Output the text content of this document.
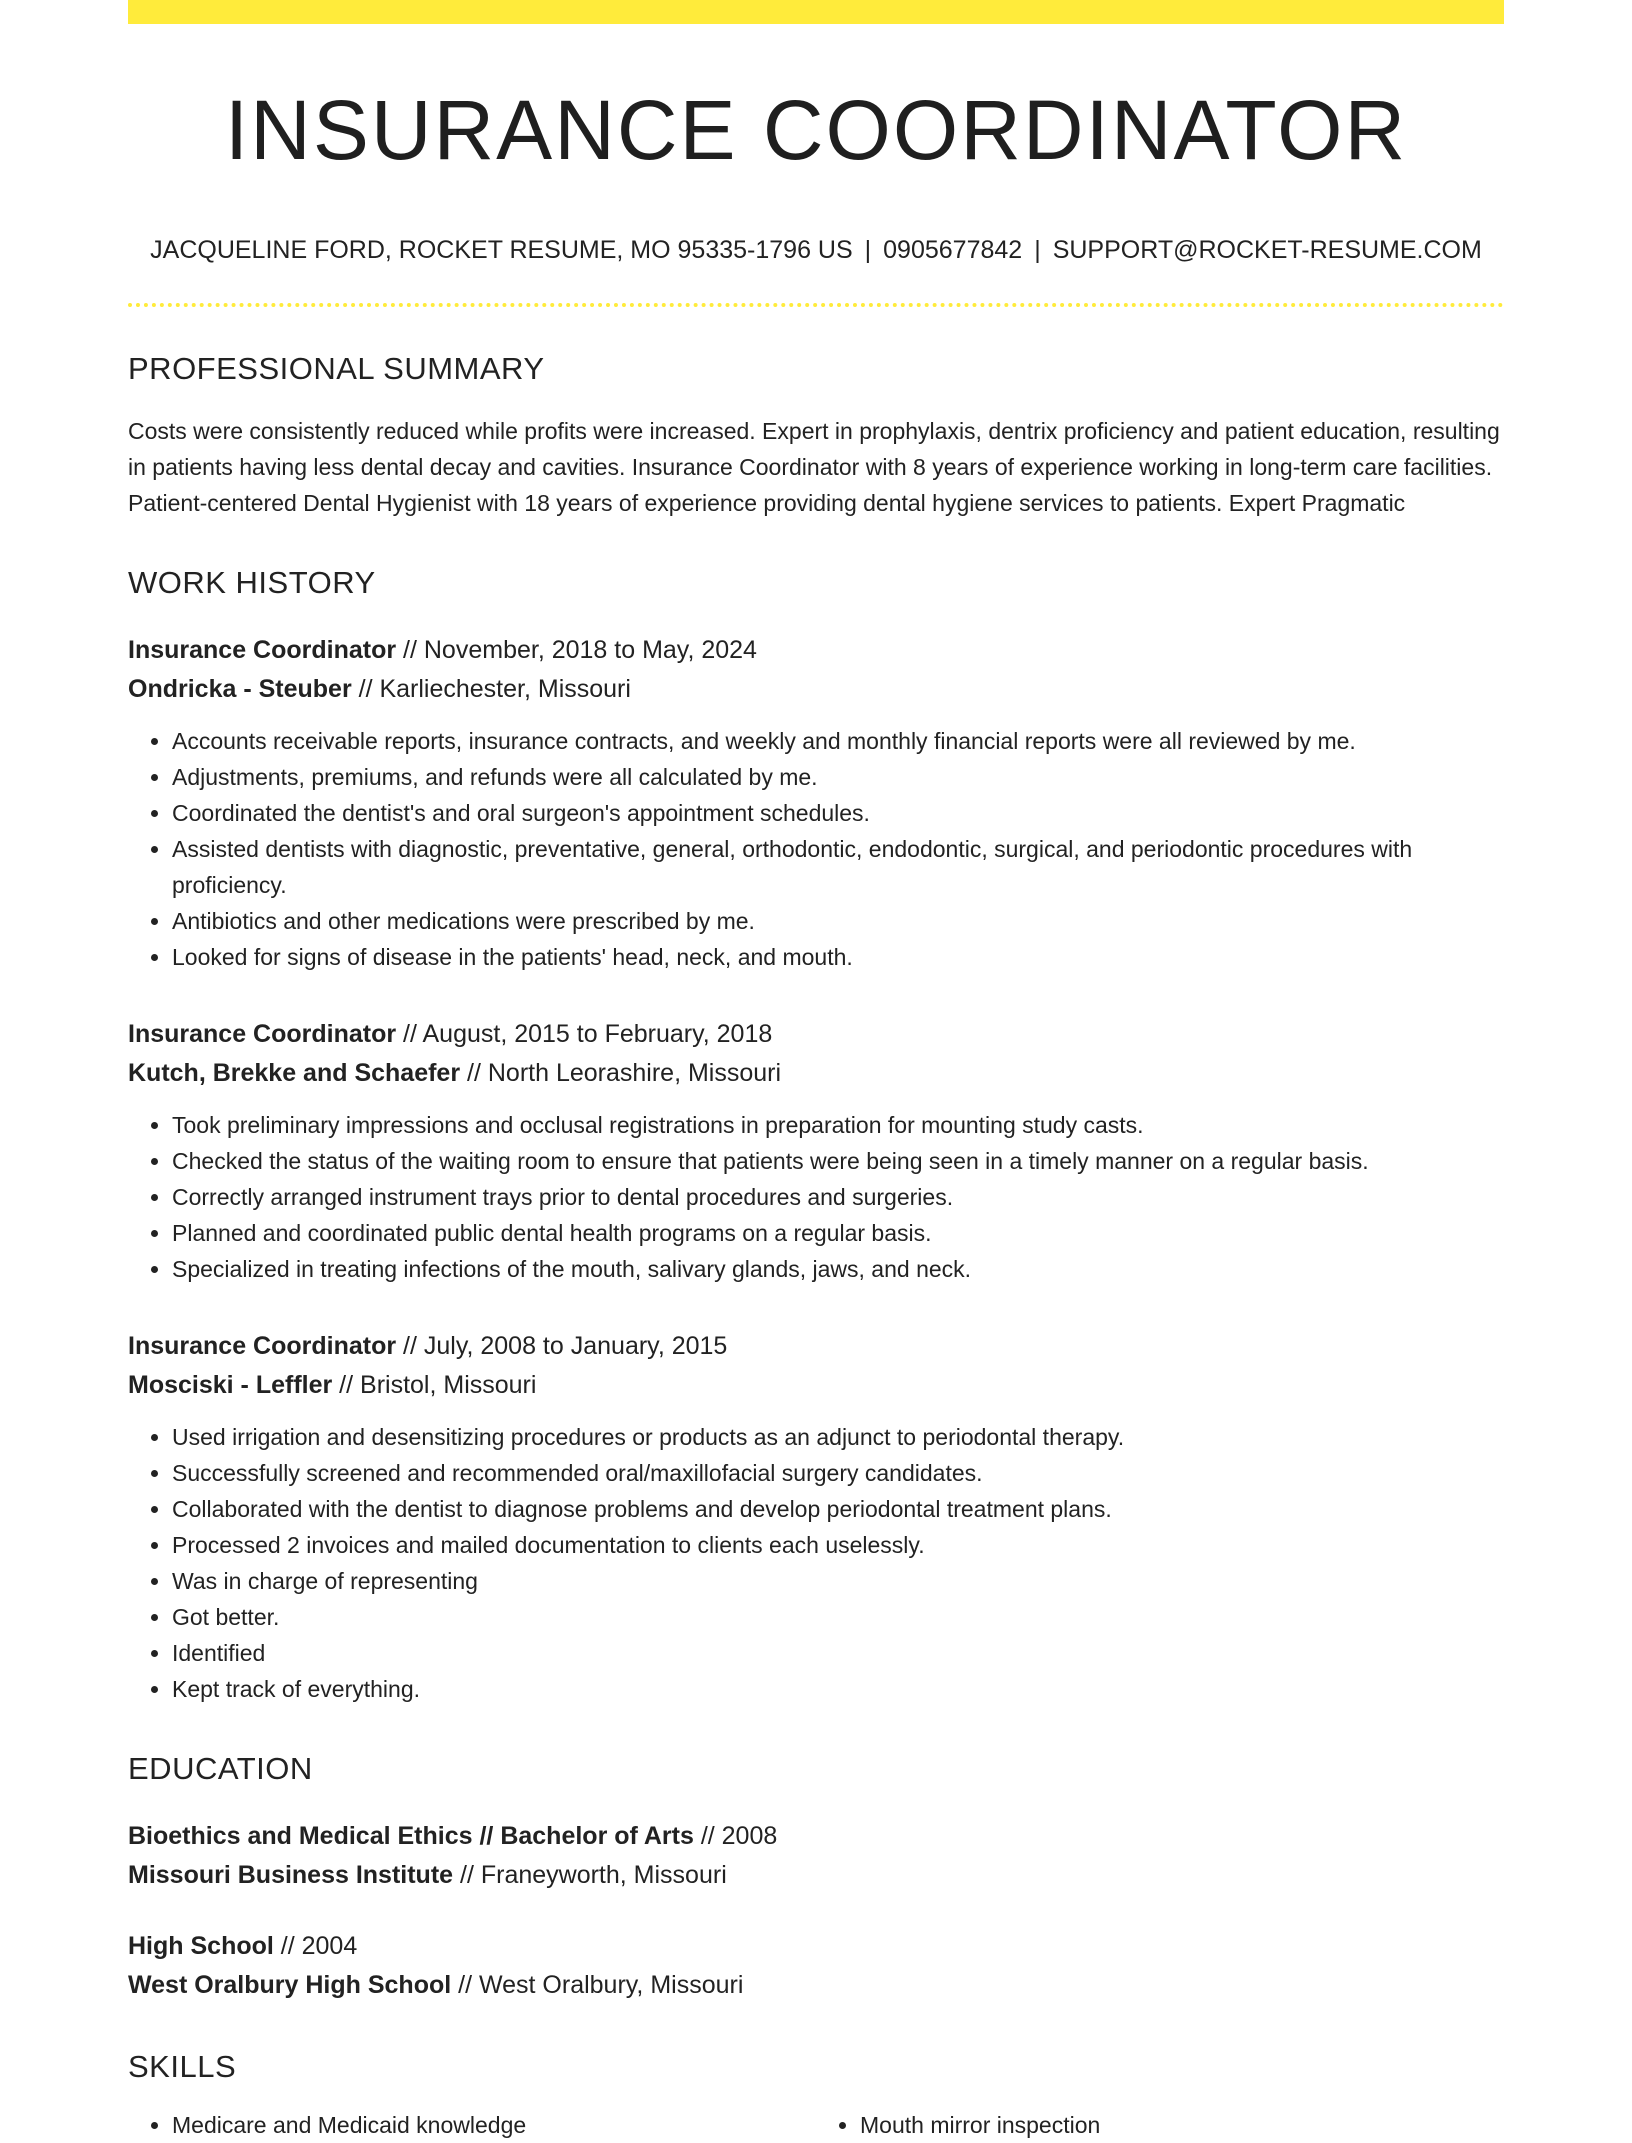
INSURANCE COORDINATOR
JACQUELINE FORD, ROCKET RESUME, MO 95335-1796 US | 0905677842 | SUPPORT@ROCKET-RESUME.COM
PROFESSIONAL SUMMARY
Costs were consistently reduced while profits were increased. Expert in prophylaxis, dentrix proficiency and patient education, resulting in patients having less dental decay and cavities. Insurance Coordinator with 8 years of experience working in long-term care facilities. Patient-centered Dental Hygienist with 18 years of experience providing dental hygiene services to patients. Expert Pragmatic
WORK HISTORY
Insurance Coordinator // November, 2018 to May, 2024
Ondricka - Steuber // Karliechester, Missouri
• Accounts receivable reports, insurance contracts, and weekly and monthly financial reports were all reviewed by me.
• Adjustments, premiums, and refunds were all calculated by me.
• Coordinated the dentist's and oral surgeon's appointment schedules.
• Assisted dentists with diagnostic, preventative, general, orthodontic, endodontic, surgical, and periodontic procedures with proficiency.
• Antibiotics and other medications were prescribed by me.
• Looked for signs of disease in the patients' head, neck, and mouth.
Insurance Coordinator // August, 2015 to February, 2018
Kutch, Brekke and Schaefer // North Leorashire, Missouri
• Took preliminary impressions and occlusal registrations in preparation for mounting study casts.
• Checked the status of the waiting room to ensure that patients were being seen in a timely manner on a regular basis.
• Correctly arranged instrument trays prior to dental procedures and surgeries.
• Planned and coordinated public dental health programs on a regular basis.
• Specialized in treating infections of the mouth, salivary glands, jaws, and neck.
Insurance Coordinator // July, 2008 to January, 2015
Mosciski - Leffler // Bristol, Missouri
• Used irrigation and desensitizing procedures or products as an adjunct to periodontal therapy.
• Successfully screened and recommended oral/maxillofacial surgery candidates.
• Collaborated with the dentist to diagnose problems and develop periodontal treatment plans.
• Processed 2 invoices and mailed documentation to clients each uselessly.
• Was in charge of representing
• Got better.
• Identified
• Kept track of everything.
EDUCATION
Bioethics and Medical Ethics // Bachelor of Arts // 2008
Missouri Business Institute // Franeyworth, Missouri
High School // 2004
West Oralbury High School // West Oralbury, Missouri
SKILLS
• Medicare and Medicaid knowledge
•	Mouth mirror inspection
